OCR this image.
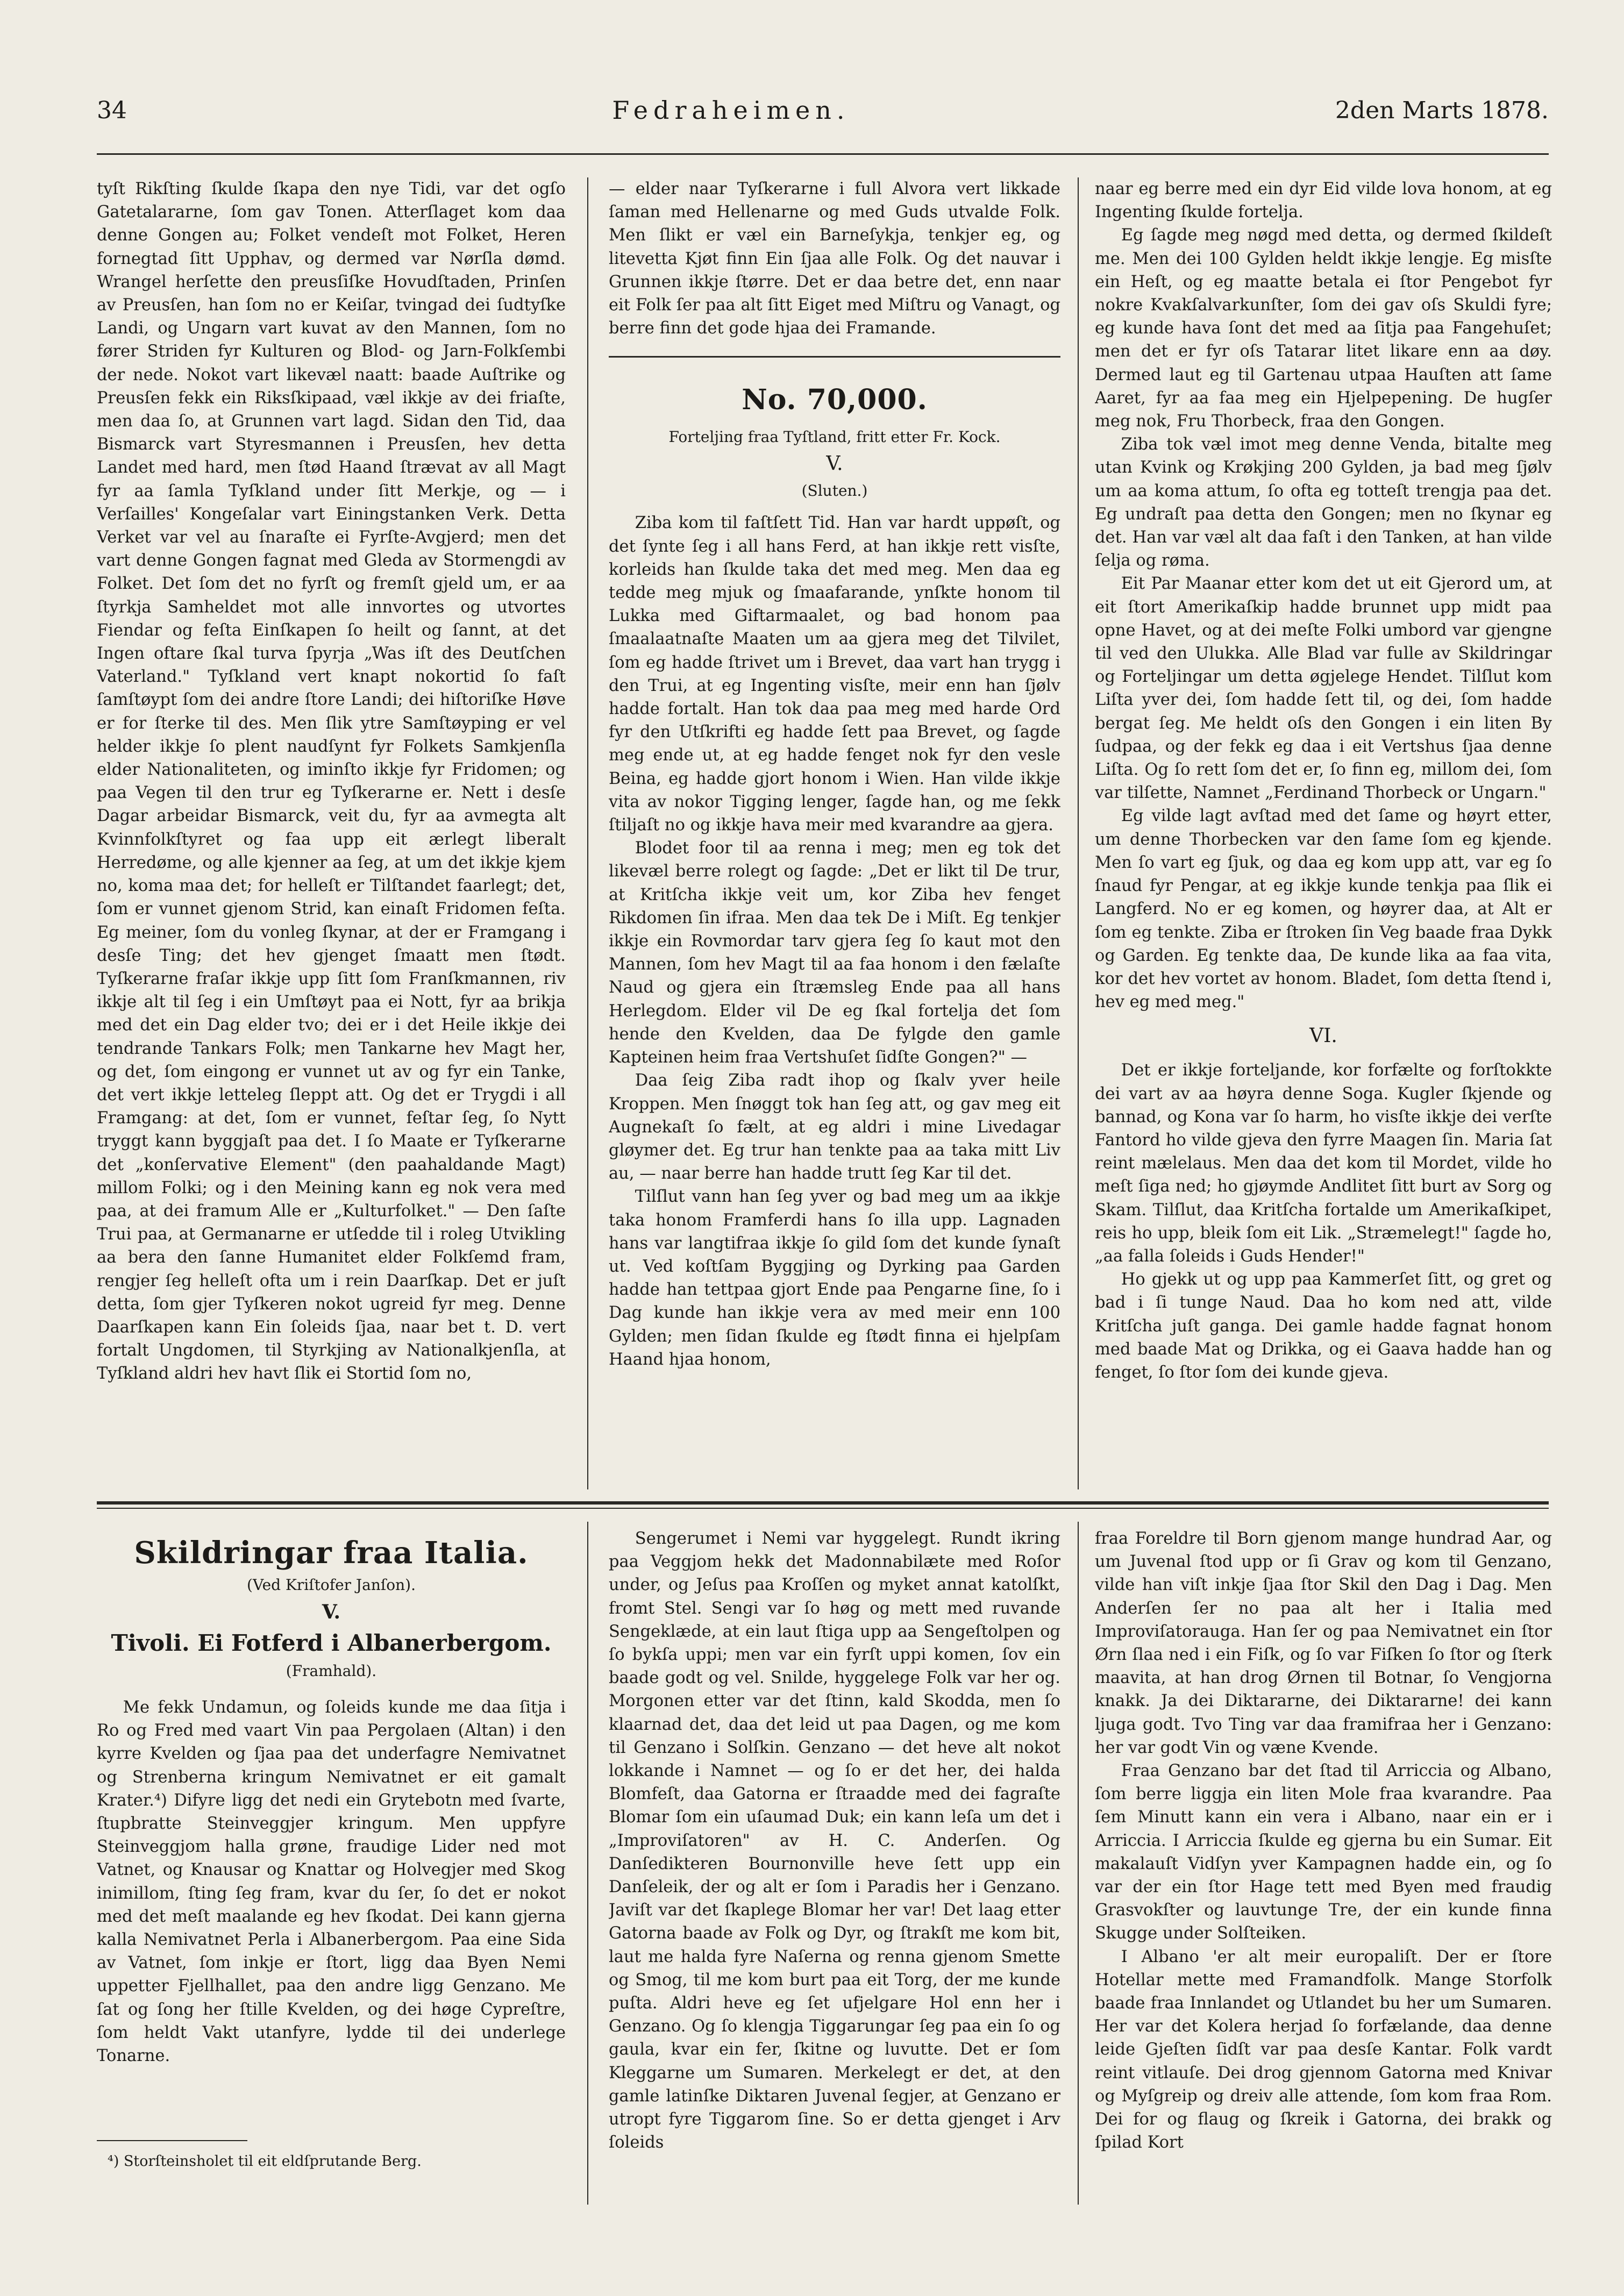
34	Fedraheimen.	2den Marts 1878.

tyſt Rikſting ſkulde ſkapa den nye Tidi, var det ogſo Gatetalararne, ſom gav Tonen. Atterſlaget kom daa denne Gongen au; Folket vendeſt mot Folket, Heren fornegtad ſitt Upphav, og dermed var Nørſla dømd. Wrangel herſette den preusſiſke Hovudſtaden, Prinſen av Preusſen, han ſom no er Keiſar, tvingad dei ſudtyſke Landi, og Ungarn vart kuvat av den Mannen, ſom no fører Striden fyr Kulturen og Blod- og Jarn-Folkſembi der nede. Nokot vart likevæl naatt: baade Auſtrike og Preusſen fekk ein Riksſkipaad, væl ikkje av dei friaſte, men daa ſo, at Grunnen vart lagd. Sidan den Tid, daa Bismarck vart Styresmannen i Preusſen, hev detta Landet med hard, men ſtød Haand ſtrævat av all Magt fyr aa ſamla Tyſkland under ſitt Merkje, og — i Verſailles' Kongeſalar vart Einingstanken Verk. Detta Verket var vel au ſnaraſte ei Fyrſte-Avgjerd; men det vart denne Gongen fagnat med Gleda av Stormengdi av Folket. Det ſom det no fyrſt og fremſt gjeld um, er aa ſtyrkja Samheldet mot alle innvortes og utvortes Fiendar og feſta Einſkapen ſo heilt og ſannt, at det Ingen oftare ſkal turva ſpyrja „Was iſt des Deutſchen Vaterland." Tyſkland vert knapt nokortid ſo faſt ſamſtøypt ſom dei andre ſtore Landi; dei hiſtoriſke Høve er for ſterke til des. Men ſlik ytre Samſtøyping er vel helder ikkje ſo plent naudſynt fyr Folkets Samkjenſla elder Nationaliteten, og iminſto ikkje fyr Fridomen; og paa Vegen til den trur eg Tyſkerarne er. Nett i desſe Dagar arbeidar Bismarck, veit du, fyr aa avmegta alt Kvinnfolkſtyret og faa upp eit ærlegt liberalt Herredøme, og alle kjenner aa ſeg, at um det ikkje kjem no, koma maa det; for helleſt er Tilſtandet faarlegt; det, ſom er vunnet gjenom Strid, kan einaſt Fridomen feſta. Eg meiner, ſom du vonleg ſkynar, at der er Framgang i desſe Ting; det hev gjenget ſmaatt men ſtødt. Tyſkerarne fraſar ikkje upp ſitt ſom Franſkmannen, riv ikkje alt til ſeg i ein Umſtøyt paa ei Nott, fyr aa brikja med det ein Dag elder tvo; dei er i det Heile ikkje dei tendrande Tankars Folk; men Tankarne hev Magt her, og det, ſom eingong er vunnet ut av og fyr ein Tanke, det vert ikkje letteleg ſleppt att. Og det er Trygdi i all Framgang: at det, ſom er vunnet, feſtar ſeg, ſo Nytt tryggt kann byggjaſt paa det. I ſo Maate er Tyſkerarne det „konſervative Element" (den paahaldande Magt) millom Folki; og i den Meining kann eg nok vera med paa, at dei framum Alle er „Kulturfolket." — Den ſaſte Trui paa, at Germanarne er utſedde til i roleg Utvikling aa bera den ſanne Humanitet elder Folkſemd fram, rengjer ſeg helleſt ofta um i rein Daarſkap. Det er juſt detta, ſom gjer Tyſkeren nokot ugreid fyr meg. Denne Daarſkapen kann Ein ſoleids ſjaa, naar bet t. D. vert fortalt Ungdomen, til Styrkjing av Nationalkjenſla, at Tyſkland aldri hev havt ſlik ei Stortid ſom no,

— elder naar Tyſkerarne i full Alvora vert likkade ſaman med Hellenarne og med Guds utvalde Folk. Men ſlikt er væl ein Barneſykja, tenkjer eg, og litevetta Kjøt finn Ein ſjaa alle Folk. Og det nauvar i Grunnen ikkje ſtørre. Det er daa betre det, enn naar eit Folk ſer paa alt ſitt Eiget med Miſtru og Vanagt, og berre finn det gode hjaa dei Framande.

No. 70,000.
Forteljing fraa Tyſtland, fritt etter Fr. Kock.
V.
(Sluten.)

Ziba kom til faſtſett Tid. Han var hardt uppøſt, og det ſynte ſeg i all hans Ferd, at han ikkje rett visſte, korleids han ſkulde taka det med meg. Men daa eg tedde meg mjuk og ſmaafarande, ynſkte honom til Lukka med Giftarmaalet, og bad honom paa ſmaalaatnaſte Maaten um aa gjera meg det Tilvilet, ſom eg hadde ſtrivet um i Brevet, daa vart han trygg i den Trui, at eg Ingenting visſte, meir enn han ſjølv hadde fortalt. Han tok daa paa meg med harde Ord fyr den Utſkrifti eg hadde ſett paa Brevet, og ſagde meg ende ut, at eg hadde fenget nok fyr den vesle Beina, eg hadde gjort honom i Wien. Han vilde ikkje vita av nokor Tigging lenger, ſagde han, og me ſekk ſtiljaſt no og ikkje hava meir med kvarandre aa gjera.

Blodet foor til aa renna i meg; men eg tok det likevæl berre rolegt og ſagde: „Det er likt til De trur, at Kritſcha ikkje veit um, kor Ziba hev fenget Rikdomen ſin ifraa. Men daa tek De i Miſt. Eg tenkjer ikkje ein Rovmordar tarv gjera ſeg ſo kaut mot den Mannen, ſom hev Magt til aa faa honom i den fælaſte Naud og gjera ein ſtræmsleg Ende paa all hans Herlegdom. Elder vil De eg ſkal fortelja det ſom hende den Kvelden, daa De fylgde den gamle Kapteinen heim fraa Vertshuſet ſidſte Gongen?" —

Daa ſeig Ziba radt ihop og ſkalv yver heile Kroppen. Men ſnøggt tok han ſeg att, og gav meg eit Augnekaſt ſo fælt, at eg aldri i mine Livedagar gløymer det. Eg trur han tenkte paa aa taka mitt Liv au, — naar berre han hadde trutt ſeg Kar til det.

Tilſlut vann han ſeg yver og bad meg um aa ikkje taka honom Framferdi hans ſo illa upp. Lagnaden hans var langtifraa ikkje ſo gild ſom det kunde ſynaſt ut. Ved koſtſam Byggjing og Dyrking paa Garden hadde han tettpaa gjort Ende paa Pengarne ſine, ſo i Dag kunde han ikkje vera av med meir enn 100 Gylden; men ſidan ſkulde eg ſtødt finna ei hjelpſam Haand hjaa honom,

naar eg berre med ein dyr Eid vilde lova honom, at eg Ingenting ſkulde fortelja.

Eg ſagde meg nøgd med detta, og dermed ſkildeſt me. Men dei 100 Gylden heldt ikkje lengje. Eg misſte ein Heſt, og eg maatte betala ei ſtor Pengebot fyr nokre Kvakſalvarkunſter, ſom dei gav oſs Skuldi fyre; eg kunde hava ſont det med aa ſitja paa Fangehuſet; men det er fyr oſs Tatarar litet likare enn aa døy. Dermed laut eg til Gartenau utpaa Hauſten att ſame Aaret, fyr aa faa meg ein Hjelpepening. De hugſer meg nok, Fru Thorbeck, fraa den Gongen.

Ziba tok væl imot meg denne Venda, bitalte meg utan Kvink og Krøkjing 200 Gylden, ja bad meg ſjølv um aa koma attum, ſo ofta eg totteſt trengja paa det. Eg undraſt paa detta den Gongen; men no ſkynar eg det. Han var væl alt daa faſt i den Tanken, at han vilde ſelja og røma.

Eit Par Maanar etter kom det ut eit Gjerord um, at eit ſtort Amerikaſkip hadde brunnet upp midt paa opne Havet, og at dei meſte Folki umbord var gjengne til ved den Ulukka. Alle Blad var fulle av Skildringar og Forteljingar um detta øgjelege Hendet. Tilſlut kom Liſta yver dei, ſom hadde ſett til, og dei, ſom hadde bergat ſeg. Me heldt oſs den Gongen i ein liten By ſudpaa, og der fekk eg daa i eit Vertshus ſjaa denne Liſta. Og ſo rett ſom det er, ſo finn eg, millom dei, ſom var tilſette, Namnet „Ferdinand Thorbeck or Ungarn."

Eg vilde lagt avſtad med det ſame og høyrt etter, um denne Thorbecken var den ſame ſom eg kjende. Men ſo vart eg ſjuk, og daa eg kom upp att, var eg ſo ſnaud fyr Pengar, at eg ikkje kunde tenkja paa ſlik ei Langferd. No er eg komen, og høyrer daa, at Alt er ſom eg tenkte. Ziba er ſtroken ſin Veg baade fraa Dykk og Garden. Eg tenkte daa, De kunde lika aa faa vita, kor det hev vortet av honom. Bladet, ſom detta ſtend i, hev eg med meg."

VI.

Det er ikkje forteljande, kor forfælte og forſtokkte dei vart av aa høyra denne Soga. Kugler ſkjende og bannad, og Kona var ſo harm, ho visſte ikkje dei verſte Fantord ho vilde gjeva den fyrre Maagen ſin. Maria ſat reint mælelaus. Men daa det kom til Mordet, vilde ho meſt ſiga ned; ho gjøymde Andlitet ſitt burt av Sorg og Skam. Tilſlut, daa Kritſcha fortalde um Amerikaſkipet, reis ho upp, bleik ſom eit Lik. „Stræmelegt!" ſagde ho, „aa falla ſoleids i Guds Hender!"

Ho gjekk ut og upp paa Kammerſet ſitt, og gret og bad i ſi tunge Naud. Daa ho kom ned att, vilde Kritſcha juſt ganga. Dei gamle hadde fagnat honom med baade Mat og Drikka, og ei Gaava hadde han og fenget, ſo ſtor ſom dei kunde gjeva.

Skildringar fraa Italia.
(Ved Kriſtofer Janſon).
V.
Tivoli. Ei Fotferd i Albanerbergom.
(Framhald).

Me fekk Undamun, og ſoleids kunde me daa ſitja i Ro og Fred med vaart Vin paa Pergolaen (Altan) i den kyrre Kvelden og ſjaa paa det underfagre Nemivatnet og Strenberna kringum Nemivatnet er eit gamalt Krater.⁴) Difyre ligg det nedi ein Grytebotn med ſvarte, ſtupbratte Steinveggjer kringum. Men uppfyre Steinveggjom halla grøne, fraudige Lider ned mot Vatnet, og Knausar og Knattar og Holvegjer med Skog inimillom, ſting ſeg fram, kvar du ſer, ſo det er nokot med det meſt maalande eg hev ſkodat. Dei kann gjerna kalla Nemivatnet Perla i Albanerbergom. Paa eine Sida av Vatnet, ſom inkje er ſtort, ligg daa Byen Nemi uppetter Fjellhallet, paa den andre ligg Genzano. Me ſat og ſong her ſtille Kvelden, og dei høge Cypreſtre, ſom heldt Vakt utanfyre, lydde til dei underlege Tonarne.

⁴) Storſteinsholet til eit eldſprutande Berg.

Sengerumet i Nemi var hyggelegt. Rundt ikring paa Veggjom hekk det Madonnabilæte med Roſor under, og Jeſus paa Kroſſen og myket annat katolſkt, fromt Stel. Sengi var ſo høg og mett med ruvande Sengeklæde, at ein laut ſtiga upp aa Sengeſtolpen og ſo bykſa uppi; men var ein fyrſt uppi komen, ſov ein baade godt og vel. Snilde, hyggelege Folk var her og. Morgonen etter var det ſtinn, kald Skodda, men ſo klaarnad det, daa det leid ut paa Dagen, og me kom til Genzano i Solſkin. Genzano — det heve alt nokot lokkande i Namnet — og ſo er det her, dei halda Blomfeſt, daa Gatorna er ſtraadde med dei fagraſte Blomar ſom ein uſaumad Duk; ein kann leſa um det i „Improviſatoren" av H. C. Anderſen. Og Danſedikteren Bournonville heve ſett upp ein Danſeleik, der og alt er ſom i Paradis her i Genzano. Javiſt var det ſkaplege Blomar her var! Det laag etter Gatorna baade av Folk og Dyr, og ſtrakſt me kom bit, laut me halda fyre Naſerna og renna gjenom Smette og Smog, til me kom burt paa eit Torg, der me kunde puſta. Aldri heve eg ſet ufjelgare Hol enn her i Genzano. Og ſo klengja Tiggarungar ſeg paa ein ſo og gaula, kvar ein fer, ſkitne og luvutte. Det er ſom Kleggarne um Sumaren. Merkelegt er det, at den gamle latinſke Diktaren Juvenal ſegjer, at Genzano er utropt fyre Tiggarom ſine. So er detta gjenget i Arv ſoleids

fraa Foreldre til Born gjenom mange hundrad Aar, og um Juvenal ſtod upp or ſi Grav og kom til Genzano, vilde han viſt inkje ſjaa ſtor Skil den Dag i Dag. Men Anderſen ſer no paa alt her i Italia med Improviſatorauga. Han ſer og paa Nemivatnet ein ſtor Ørn ſlaa ned i ein Fiſk, og ſo var Fiſken ſo ſtor og ſterk maavita, at han drog Ørnen til Botnar, ſo Vengjorna knakk. Ja dei Diktararne, dei Diktararne! dei kann ljuga godt. Tvo Ting var daa framifraa her i Genzano: her var godt Vin og væne Kvende.

Fraa Genzano bar det ſtad til Arriccia og Albano, ſom berre liggja ein liten Mole fraa kvarandre. Paa ſem Minutt kann ein vera i Albano, naar ein er i Arriccia. I Arriccia ſkulde eg gjerna bu ein Sumar. Eit makalauſt Vidſyn yver Kampagnen hadde ein, og ſo var der ein ſtor Hage tett med Byen med fraudig Grasvokſter og lauvtunge Tre, der ein kunde finna Skugge under Solſteiken.

I Albano 'er alt meir europaliſt. Der er ſtore Hotellar mette med Framandfolk. Mange Storfolk baade fraa Innlandet og Utlandet bu her um Sumaren. Her var det Kolera herjad ſo forfælande, daa denne leide Gjeſten ſidſt var paa desſe Kantar. Folk vardt reint vitlauſe. Dei drog gjennom Gatorna med Knivar og Myſgreip og dreiv alle attende, ſom kom fraa Rom. Dei for og flaug og ſkreik i Gatorna, dei brakk og ſpilad Kort
